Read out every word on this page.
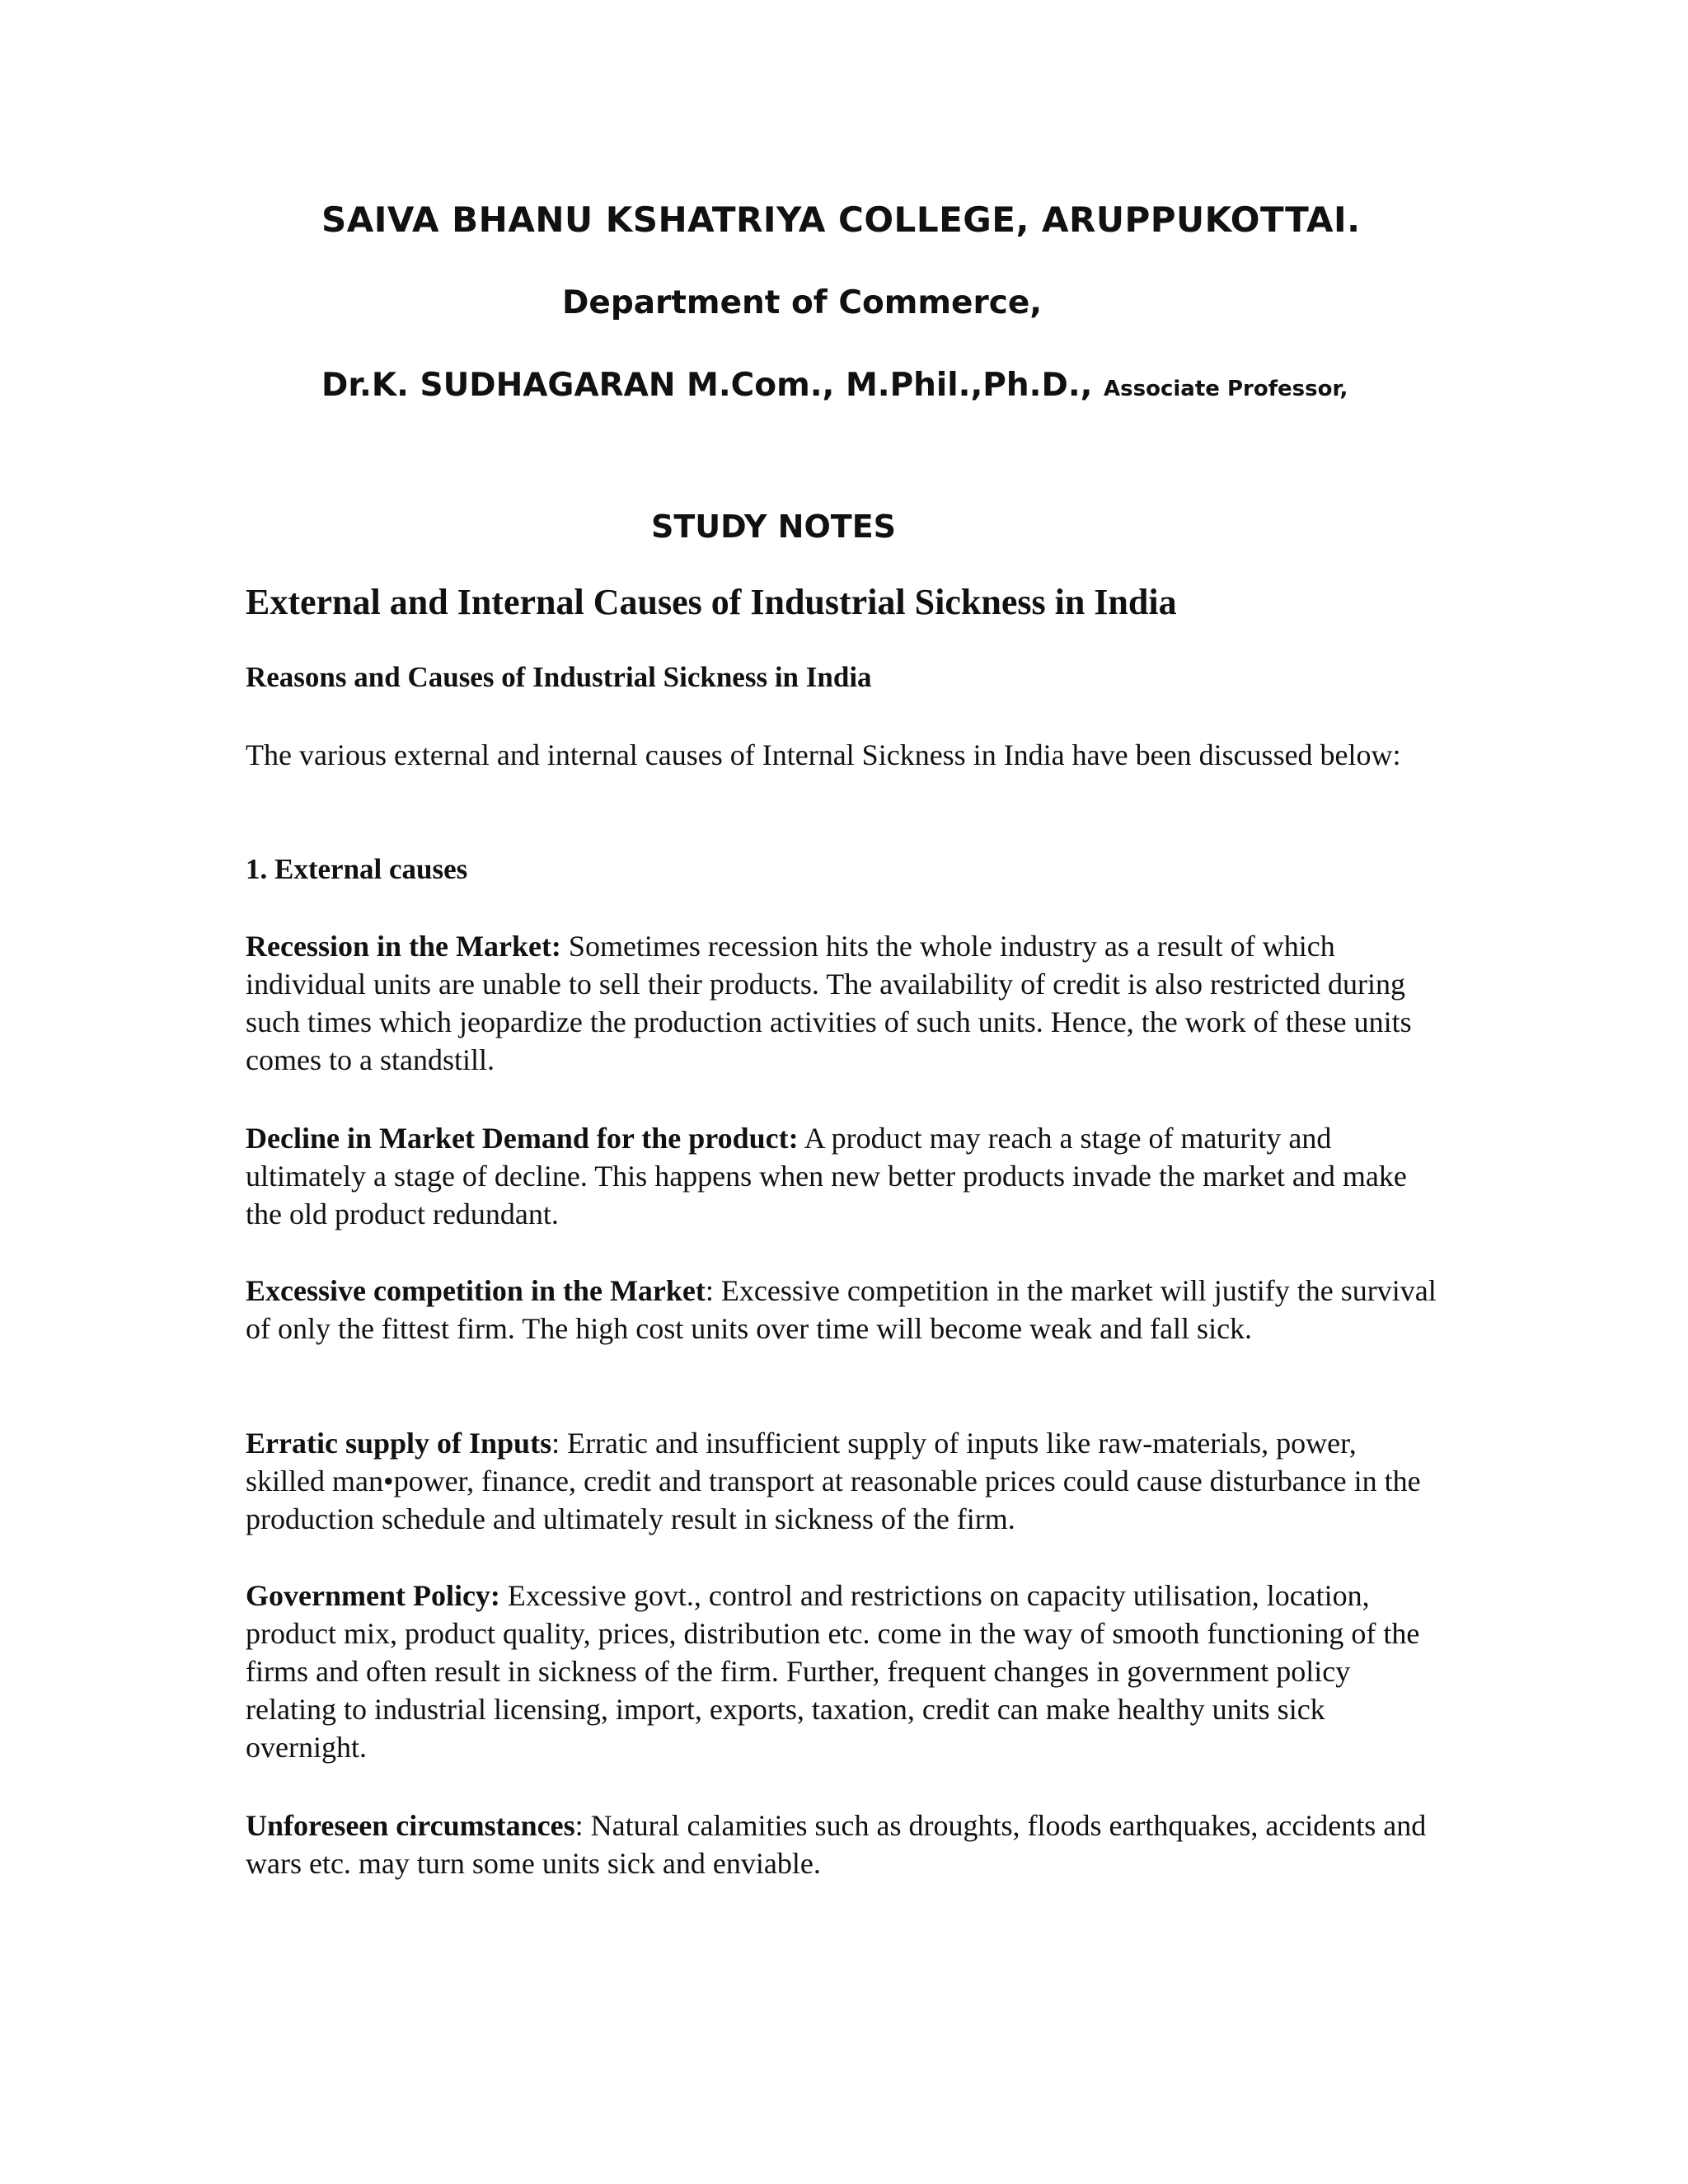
SAIVA BHANU KSHATRIYA COLLEGE, ARUPPUKOTTAI.
Department of Commerce,
Dr.K. SUDHAGARAN M.Com., M.Phil.,Ph.D., Associate Professor,
STUDY NOTES
External and Internal Causes of Industrial Sickness in India
Reasons and Causes of Industrial Sickness in India

The various external and internal causes of Internal Sickness in India have been discussed below:

1. External causes

Recession in the Market: Sometimes recession hits the whole industry as a result of which individual units are unable to sell their products. The availability of credit is also restricted during such times which jeopardize the production activities of such units. Hence, the work of these units comes to a standstill.

Decline in Market Demand for the product: A product may reach a stage of maturity and ultimately a stage of decline. This happens when new better products invade the market and make the old product redundant.

Excessive competition in the Market: Excessive competition in the market will justify the survival of only the fittest firm. The high cost units over time will become weak and fall sick.

Erratic supply of Inputs: Erratic and insufficient supply of inputs like raw-materials, power, skilled man•power, finance, credit and transport at reasonable prices could cause disturbance in the production schedule and ultimately result in sickness of the firm.

Government Policy: Excessive govt., control and restrictions on capacity utilisation, location, product mix, product quality, prices, distribution etc. come in the way of smooth functioning of the firms and often result in sickness of the firm. Further, frequent changes in government policy relating to industrial licensing, import, exports, taxation, credit can make healthy units sick overnight.

Unforeseen circumstances: Natural calamities such as droughts, floods earthquakes, accidents and wars etc. may turn some units sick and enviable.
